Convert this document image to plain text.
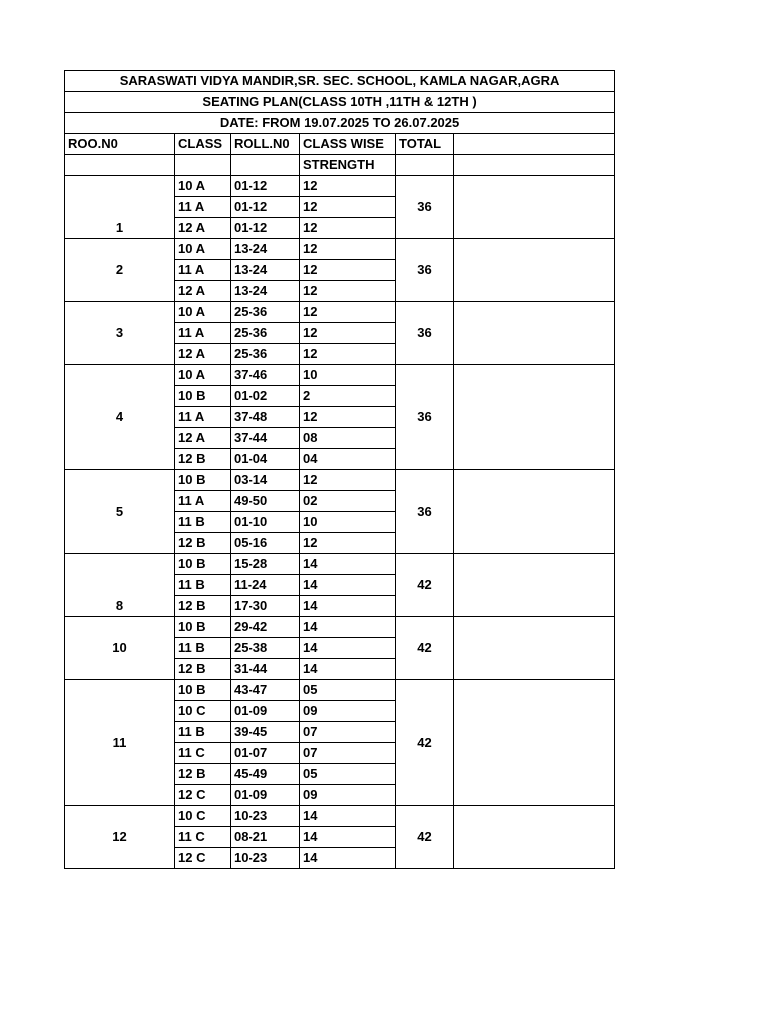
SARASWATI VIDYA MANDIR,SR. SEC. SCHOOL, KAMLA NAGAR,AGRA					
SEATING PLAN(CLASS 10TH ,11TH & 12TH )					
DATE: FROM 19.07.2025 TO 26.07.2025					
ROO.N0	CLASS	ROLL.N0	CLASS WISE	TOTAL	
			STRENGTH		
1	10 A	01-12	12	36	
	11 A	01-12	12		
	12 A	01-12	12		
2	10 A	13-24	12	36	
	11 A	13-24	12		
	12 A	13-24	12		
3	10 A	25-36	12	36	
	11 A	25-36	12		
	12 A	25-36	12		
4	10 A	37-46	10	36	
	10 B	01-02	2		
	11 A	37-48	12		
	12 A	37-44	08		
	12 B	01-04	04		
5	10 B	03-14	12	36	
	11 A	49-50	02		
	11 B	01-10	10		
	12 B	05-16	12		
8	10 B	15-28	14	42	
	11 B	11-24	14		
	12 B	17-30	14		
10	10 B	29-42	14	42	
	11 B	25-38	14		
	12 B	31-44	14		
11	10 B	43-47	05	42	
	10 C	01-09	09		
	11 B	39-45	07		
	11 C	01-07	07		
	12 B	45-49	05		
	12 C	01-09	09		
12	10 C	10-23	14	42	
	11 C	08-21	14		
	12 C	10-23	14		
